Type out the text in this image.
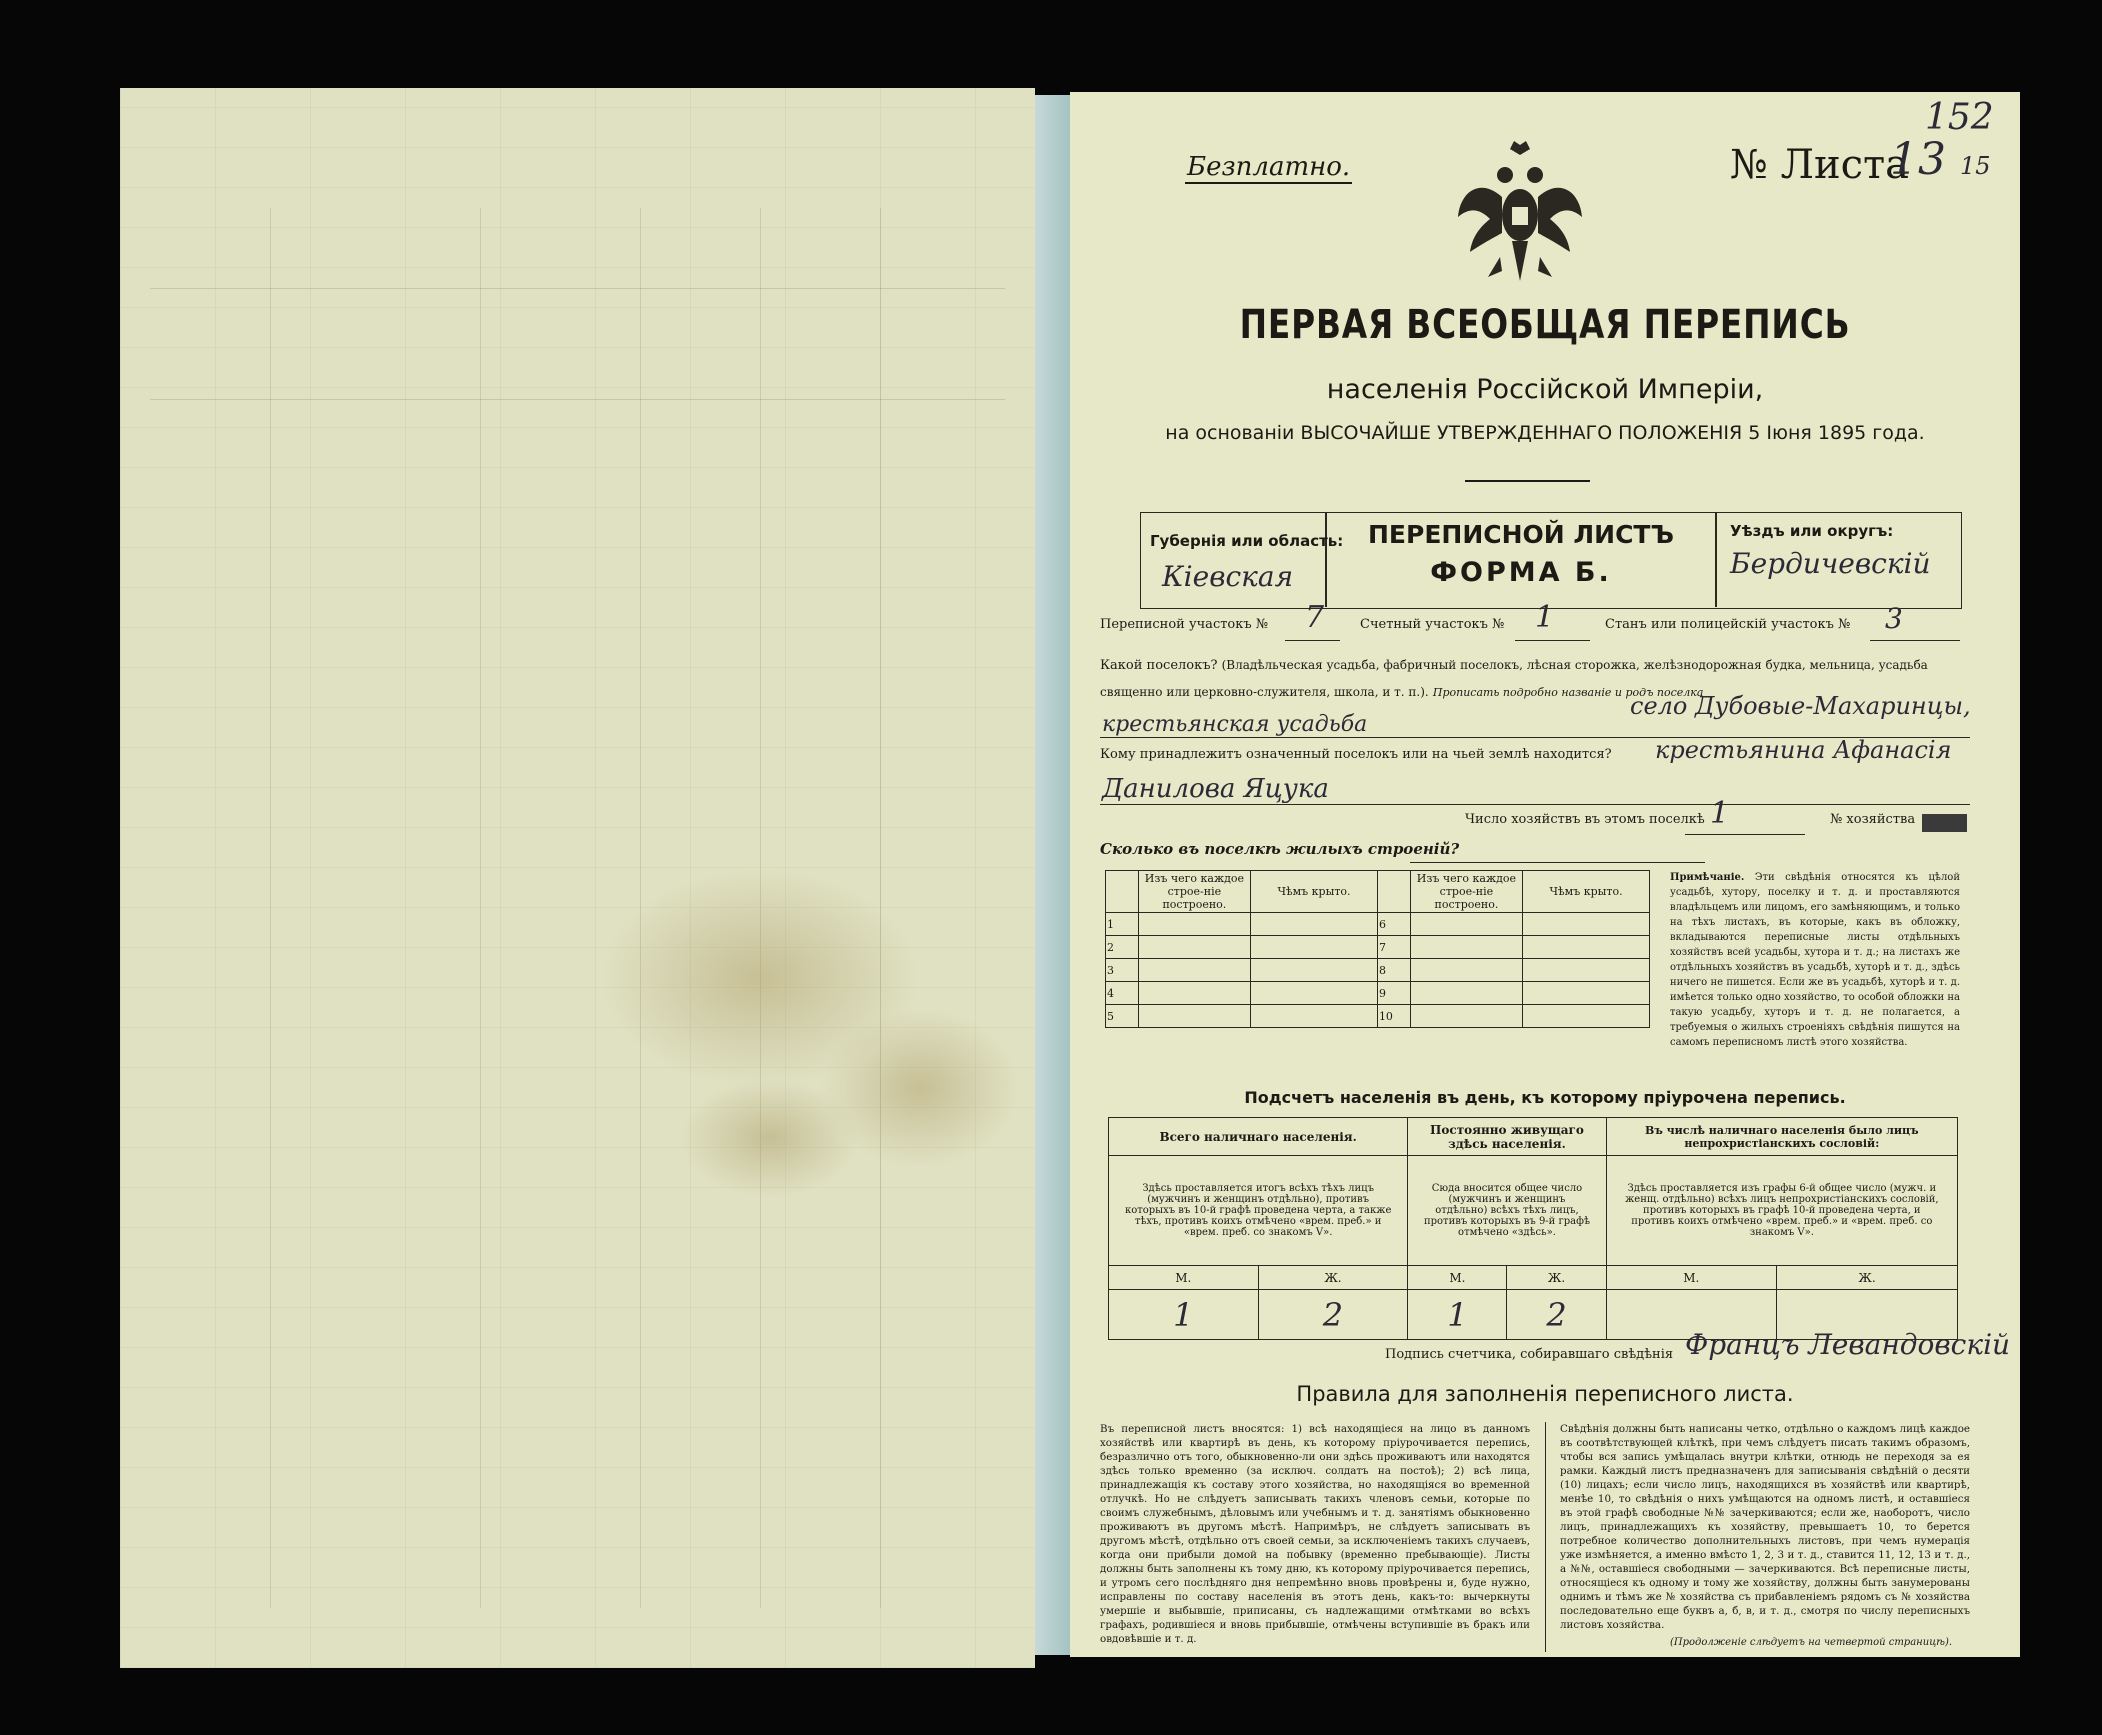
Безплатно.	№ Листа
13
152
15
ПЕРВАЯ ВСЕОБЩАЯ ПЕРЕПИСЬ
населенія Россійской Имперіи,
на основаніи ВЫСОЧАЙШЕ УТВЕРЖДЕННАГО ПОЛОЖЕНІЯ 5 Іюня 1895 года.
Губернія или область:
Кіевская
ПЕРЕПИСНОЙ ЛИСТЪ
ФОРМА Б.
Уѣздъ или округъ:
Бердичевскій
Переписной участокъ № 7	Счетный участокъ № 1	Станъ или полицейскій участокъ № 3
Какой поселокъ? (Владѣльческая усадьба, фабричный поселокъ, лѣсная сторожка, желѣзнодорожная будка, мельница, усадьба священно или церковно-служителя, школа, и т. п.). Прописать подробно названіе и родъ поселка
село Дубовые-Махаринцы,
крестьянская усадьба
Кому принадлежитъ означенный поселокъ или на чьей землѣ находится? крестьянина Афанасія
Данилова Яцука
Число хозяйствъ въ этомъ поселкѣ 1	№ хозяйства
Сколько въ поселкѣ жилыхъ строеній?
	Изъ чего каждое строе-ніе построено.	Чѣмъ крыто.		Изъ чего каждое строе-ніе построено.	Чѣмъ крыто.
1			6		
2			7		
3			8		
4			9		
5			10		
Примѣчаніе. Эти свѣдѣнія относятся къ цѣлой усадьбѣ, хутору, поселку и т. д. и проставляются владѣльцемъ или лицомъ, его замѣняющимъ, и только на тѣхъ листахъ, въ которые, какъ въ обложку, вкладываются переписные листы отдѣльныхъ хозяйствъ всей усадьбы, хутора и т. д.; на листахъ же отдѣльныхъ хозяйствъ въ усадьбѣ, хуторѣ и т. д., здѣсь ничего не пишется. Если же въ усадьбѣ, хуторѣ и т. д. имѣется только одно хозяйство, то особой обложки на такую усадьбу, хуторъ и т. д. не полагается, а требуемыя о жилыхъ строеніяхъ свѣдѣнія пишутся на самомъ переписномъ листѣ этого хозяйства.
Подсчетъ населенія въ день, къ которому пріурочена перепись.
Всего наличнаго населенія.		Постоянно живущаго здѣсь населенія.		Въ числѣ наличнаго населенія было лицъ непрохристіанскихъ сословій:	
Здѣсь проставляется итогъ всѣхъ тѣхъ лицъ (мужчинъ и женщинъ отдѣльно), противъ которыхъ въ 10-й графѣ проведена черта, а также тѣхъ, противъ коихъ отмѣчено «врем. преб.» и «врем. преб. со знакомъ V».		Сюда вносится общее число (мужчинъ и женщинъ отдѣльно) всѣхъ тѣхъ лицъ, противъ которыхъ въ 9-й графѣ отмѣчено «здѣсь».		Здѣсь проставляется изъ графы 6-й общее число (мужч. и женщ. отдѣльно) всѣхъ лицъ непрохристіанскихъ сословій, противъ которыхъ въ графѣ 10-й проведена черта, и противъ коихъ отмѣчено «врем. преб.» и «врем. преб. со знакомъ V».	
М.	Ж.	М.	Ж.	М.	Ж.
1	2	1	2		
Подпись счетчика, собиравшаго свѣдѣнія Францъ Левандовскій
Правила для заполненія переписного листа.
Въ переписной листъ вносятся: 1) всѣ находящіеся на лицо въ данномъ хозяйствѣ или квартирѣ въ день, къ которому пріурочивается перепись, безразлично отъ того, обыкновенно-ли они здѣсь проживаютъ или находятся здѣсь только временно (за исключ. солдатъ на постоѣ); 2) всѣ лица, принадлежащія къ составу этого хозяйства, но находящіяся во временной отлучкѣ. Но не слѣдуетъ записывать такихъ членовъ семьи, которые по своимъ служебнымъ, дѣловымъ или учебнымъ и т. д. занятіямъ обыкновенно проживаютъ въ другомъ мѣстѣ. Напримѣръ, не слѣдуетъ записывать въ другомъ мѣстѣ, отдѣльно отъ своей семьи, за исключеніемъ такихъ случаевъ, когда они прибыли домой на побывку (временно пребывающіе). Листы должны быть заполнены къ тому дню, къ которому пріурочивается перепись, и утромъ сего послѣдняго дня непремѣнно вновь провѣрены и, буде нужно, исправлены по составу населенія въ этотъ день, какъ-то: вычеркнуты умершіе и выбывшіе, приписаны, съ надлежащими отмѣтками во всѣхъ графахъ, родившіеся и вновь прибывшіе, отмѣчены вступившіе въ бракъ или овдовѣвшіе и т. д.
Свѣдѣнія должны быть написаны четко, отдѣльно о каждомъ лицѣ каждое въ соотвѣтствующей клѣткѣ, при чемъ слѣдуетъ писать такимъ образомъ, чтобы вся запись умѣщалась внутри клѣтки, отнюдь не переходя за ея рамки. Каждый листъ предназначенъ для записыванія свѣдѣній о десяти (10) лицахъ; если число лицъ, находящихся въ хозяйствѣ или квартирѣ, менѣе 10, то свѣдѣнія о нихъ умѣщаются на одномъ листѣ, и оставшіеся въ этой графѣ свободные №№ зачеркиваются; если же, наоборотъ, число лицъ, принадлежащихъ къ хозяйству, превышаетъ 10, то берется потребное количество дополнительныхъ листовъ, при чемъ нумерація уже измѣняется, а именно вмѣсто 1, 2, 3 и т. д., ставится 11, 12, 13 и т. д., а №№, оставшіеся свободными — зачеркиваются. Всѣ переписные листы, относящіеся къ одному и тому же хозяйству, должны быть занумерованы однимъ и тѣмъ же № хозяйства съ прибавленіемъ рядомъ съ № хозяйства последовательно еще буквъ а, б, в, и т. д., смотря по числу переписныхъ листовъ хозяйства.
(Продолженіе слѣдуетъ на четвертой страницѣ).
